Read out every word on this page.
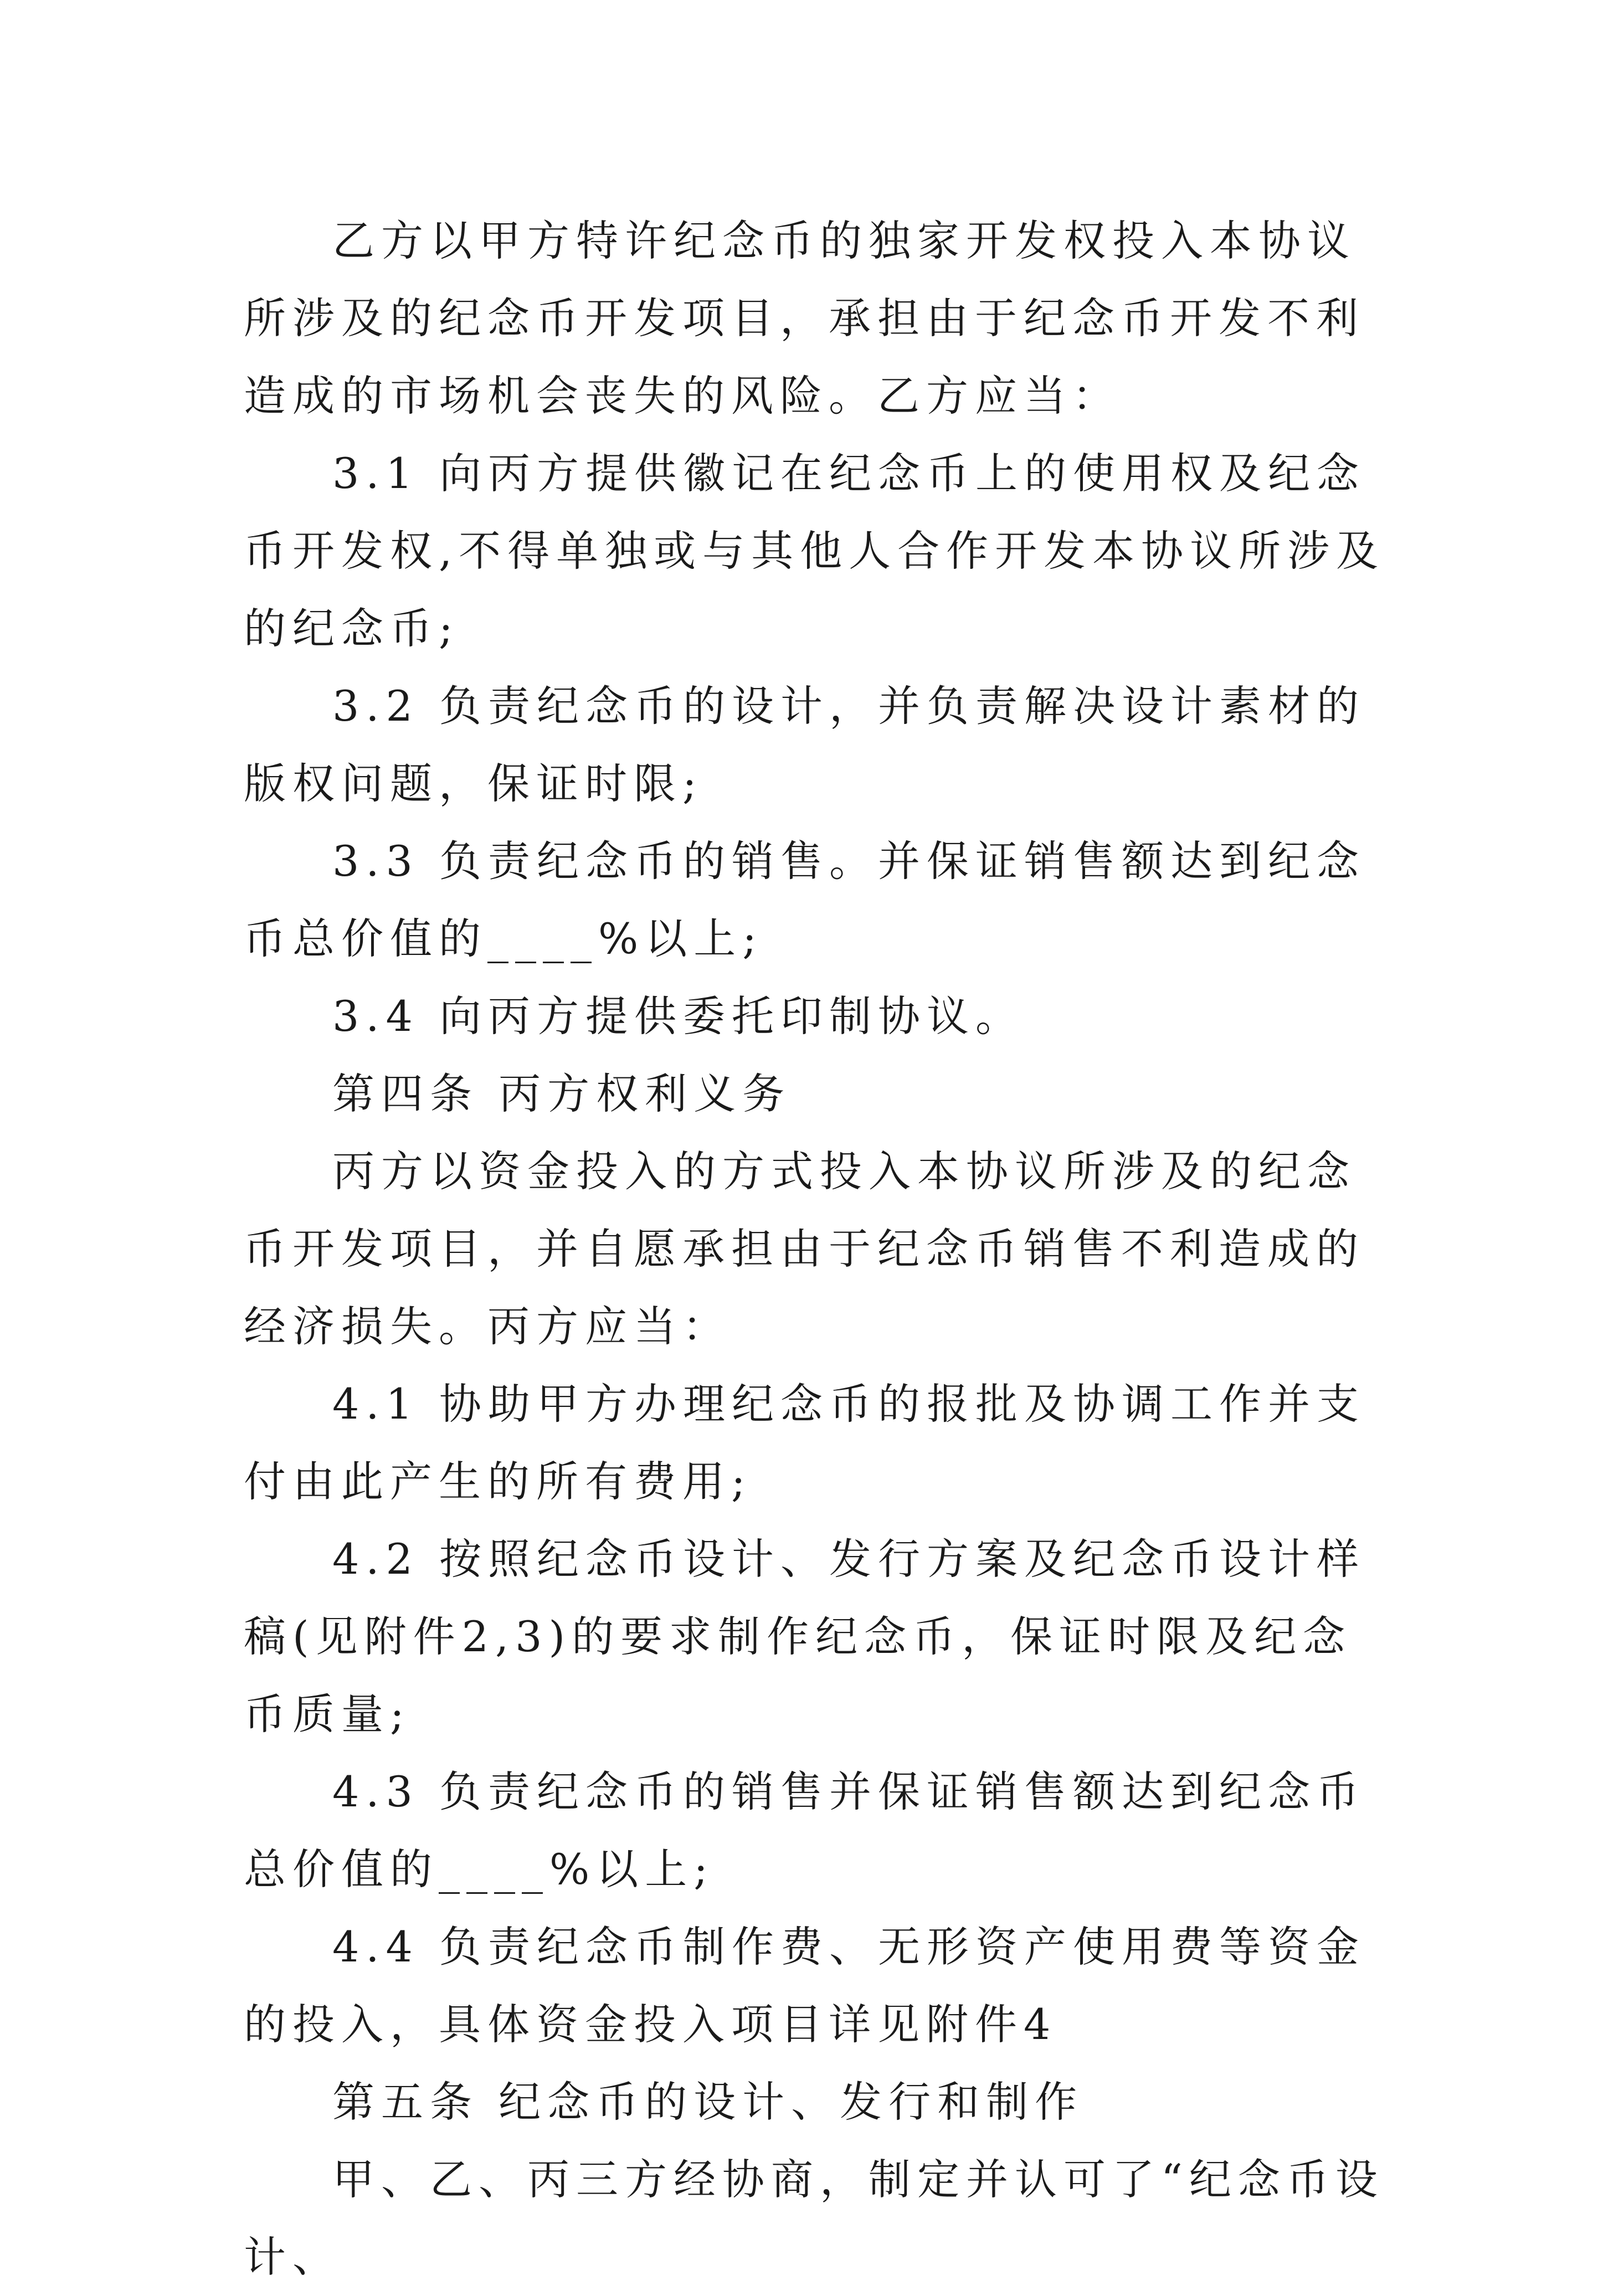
乙方以甲方特许纪念币的独家开发权投入本协议所涉及的纪念币开发项目，承担由于纪念币开发不利造成的市场机会丧失的风险。乙方应当：

3.1 向丙方提供徽记在纪念币上的使用权及纪念币开发权,不得单独或与其他人合作开发本协议所涉及的纪念币;

3.2 负责纪念币的设计，并负责解决设计素材的版权问题，保证时限;

3.3 负责纪念币的销售。并保证销售额达到纪念币总价值的____%以上;

3.4 向丙方提供委托印制协议。

第四条 丙方权利义务

丙方以资金投入的方式投入本协议所涉及的纪念币开发项目，并自愿承担由于纪念币销售不利造成的经济损失。丙方应当：

4.1 协助甲方办理纪念币的报批及协调工作并支付由此产生的所有费用;

4.2 按照纪念币设计、发行方案及纪念币设计样稿(见附件2,3)的要求制作纪念币，保证时限及纪念币质量;

4.3 负责纪念币的销售并保证销售额达到纪念币总价值的____%以上;

4.4 负责纪念币制作费、无形资产使用费等资金的投入，具体资金投入项目详见附件4

第五条 纪念币的设计、发行和制作

甲、乙、丙三方经协商，制定并认可了“纪念币设计、
